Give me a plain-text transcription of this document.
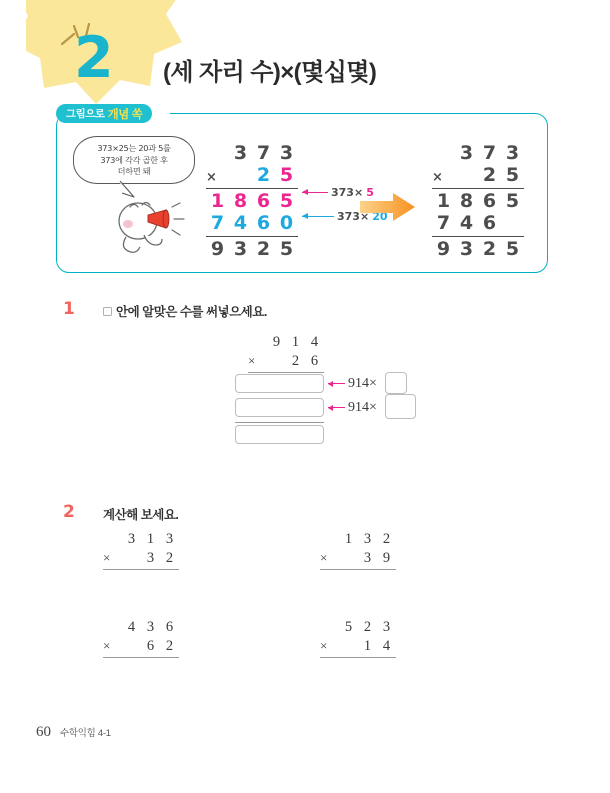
2 (세 자리 수)×(몇십몇)
그림으로 개념 쏙
373×25는 20과 5를
373에 각각 곱한 후
더하면 돼
3 7 3
× 2 5
1 8 6 5
7 4 6 0
9 3 2 5
373× 5
373× 20
3 7 3
× 2 5
1 8 6 5
7 4 6
9 3 2 5
1	안에 알맞은 수를 써넣으세요.
9 1 4
×	2 6
914×
914×
2 계산해 보세요.
3 1 3
×	3 2
1 3 2
×	3 9
4 3 6
×	6 2
5 2 3
×	1 4
60 수학익힘 4-1
